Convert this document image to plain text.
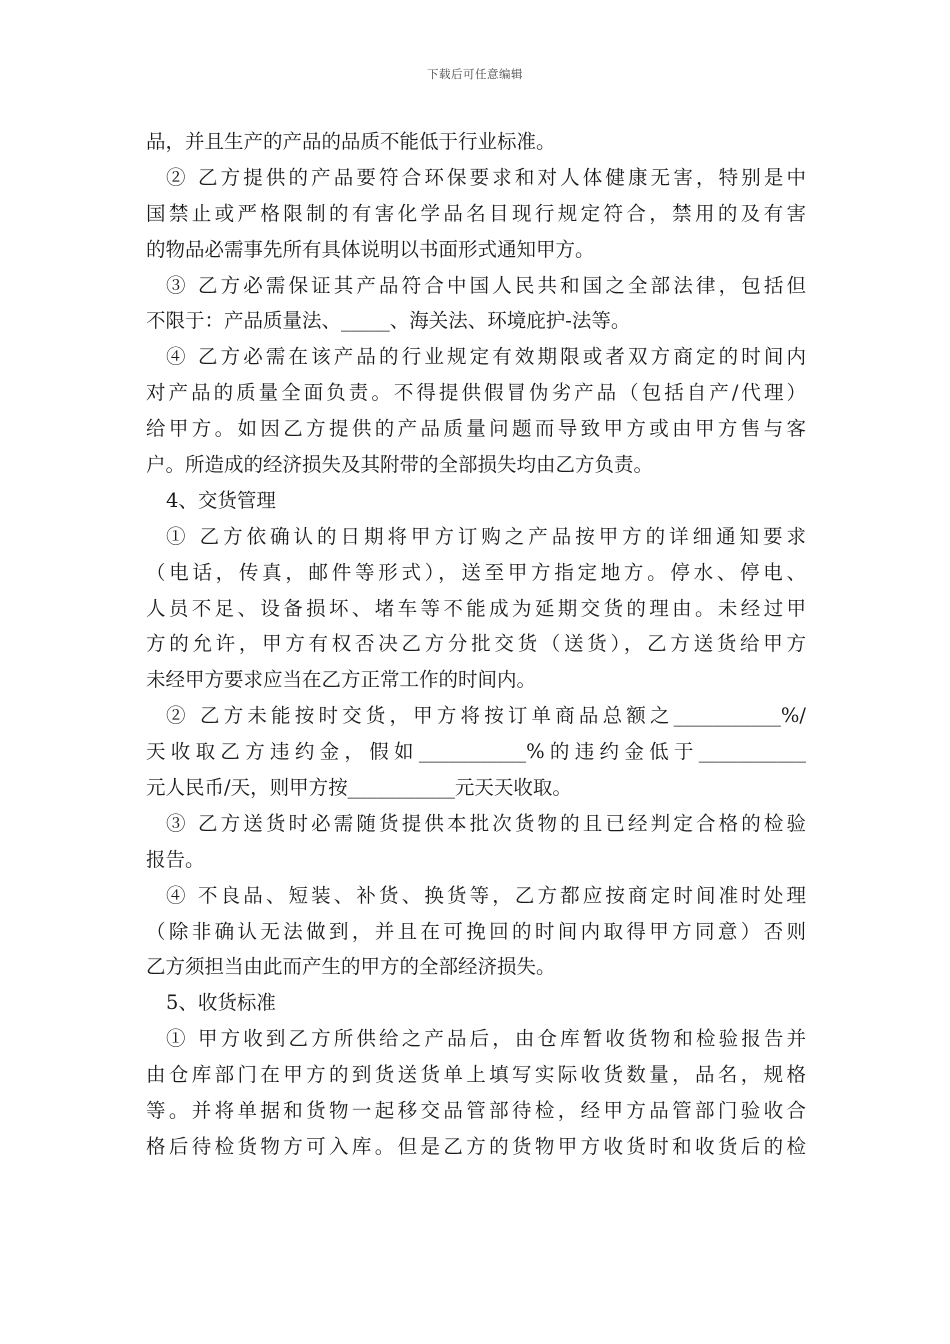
下载后可任意编辑
品，并且生产的产品的品质不能低于行业标准。
② 乙方提供的产品要符合环保要求和对人体健康无害，特别是中
国禁止或严格限制的有害化学品名目现行规定符合，禁用的及有害
的物品必需事先所有具体说明以书面形式通知甲方。
③ 乙方必需保证其产品符合中国人民共和国之全部法律，包括但
不限于：产品质量法、_____、海关法、环境庇护-法等。
④ 乙方必需在该产品的行业规定有效期限或者双方商定的时间内
对产品的质量全面负责。不得提供假冒伪劣产品（包括自产/代理）
给甲方。如因乙方提供的产品质量问题而导致甲方或由甲方售与客
户。所造成的经济损失及其附带的全部损失均由乙方负责。
4、交货管理
① 乙方依确认的日期将甲方订购之产品按甲方的详细通知要求
（电话，传真，邮件等形式），送至甲方指定地方。停水、停电、
人员不足、设备损坏、堵车等不能成为延期交货的理由。未经过甲
方的允许，甲方有权否决乙方分批交货（送货），乙方送货给甲方
未经甲方要求应当在乙方正常工作的时间内。
② 乙方未能按时交货，甲方将按订单商品总额之___________%/
天收取乙方违约金，假如___________%的违约金低于___________
元人民币/天，则甲方按___________元天天收取。
③ 乙方送货时必需随货提供本批次货物的且已经判定合格的检验
报告。
④ 不良品、短装、补货、换货等，乙方都应按商定时间准时处理
（除非确认无法做到，并且在可挽回的时间内取得甲方同意）否则
乙方须担当由此而产生的甲方的全部经济损失。
5、收货标准
① 甲方收到乙方所供给之产品后，由仓库暂收货物和检验报告并
由仓库部门在甲方的到货送货单上填写实际收货数量，品名，规格
等。并将单据和货物一起移交品管部待检，经甲方品管部门验收合
格后待检货物方可入库。但是乙方的货物甲方收货时和收货后的检
